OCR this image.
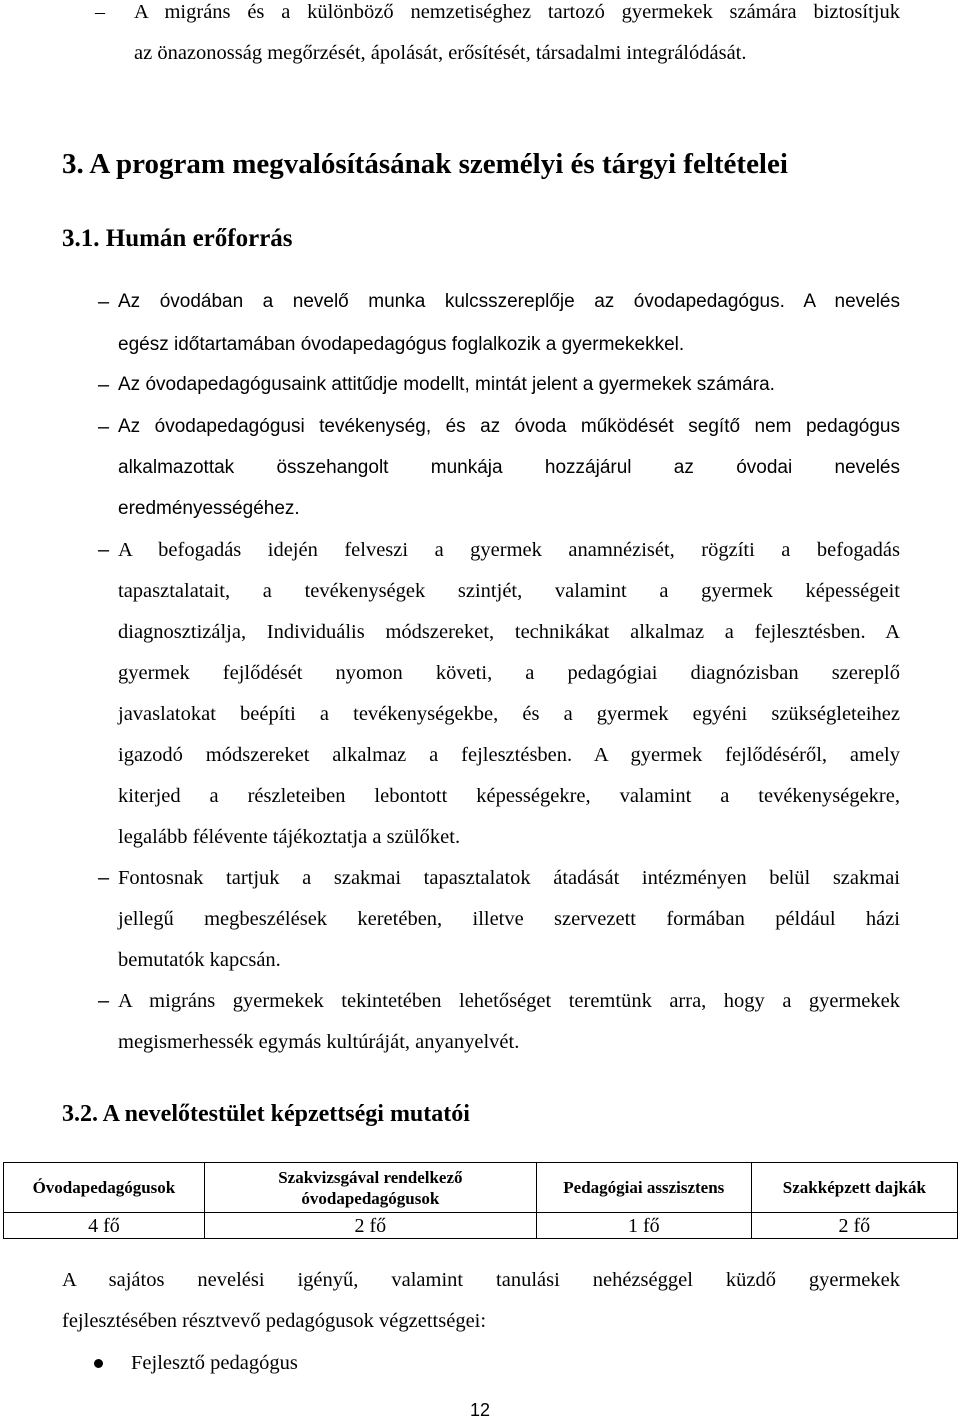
– A migráns és a különböző nemzetiséghez tartozó gyermekek számára biztosítjuk
az önazonosság megőrzését, ápolását, erősítését, társadalmi integrálódását.
3. A program megvalósításának személyi és tárgyi feltételei
3.1. Humán erőforrás
– Az óvodában a nevelő munka kulcsszereplője az óvodapedagógus. A nevelés
egész időtartamában óvodapedagógus foglalkozik a gyermekekkel.
– Az óvodapedagógusaink attitűdje modellt, mintát jelent a gyermekek számára.
– Az óvodapedagógusi tevékenység, és az óvoda működését segítő nem pedagógus
alkalmazottak összehangolt munkája hozzájárul az óvodai nevelés
eredményességéhez.
– A befogadás idején felveszi a gyermek anamnézisét, rögzíti a befogadás
tapasztalatait, a tevékenységek szintjét, valamint a gyermek képességeit
diagnosztizálja, Individuális módszereket, technikákat alkalmaz a fejlesztésben. A
gyermek fejlődését nyomon követi, a pedagógiai diagnózisban szereplő
javaslatokat beépíti a tevékenységekbe, és a gyermek egyéni szükségleteihez
igazodó módszereket alkalmaz a fejlesztésben. A gyermek fejlődéséről, amely
kiterjed a részleteiben lebontott képességekre, valamint a tevékenységekre,
legalább félévente tájékoztatja a szülőket.
– Fontosnak tartjuk a szakmai tapasztalatok átadását intézményen belül szakmai
jellegű megbeszélések keretében, illetve szervezett formában például házi
bemutatók kapcsán.
– A migráns gyermekek tekintetében lehetőséget teremtünk arra, hogy a gyermekek
megismerhessék egymás kultúráját, anyanyelvét.
3.2. A nevelőtestület képzettségi mutatói
Óvodapedagógusok	Szakvizsgával rendelkező óvodapedagógusok	Pedagógiai asszisztens	Szakképzett dajkák
4 fő	2 fő	1 fő	2 fő
A sajátos nevelési igényű, valamint tanulási nehézséggel küzdő gyermekek
fejlesztésében résztvevő pedagógusok végzettségei:
Fejlesztő pedagógus
12
